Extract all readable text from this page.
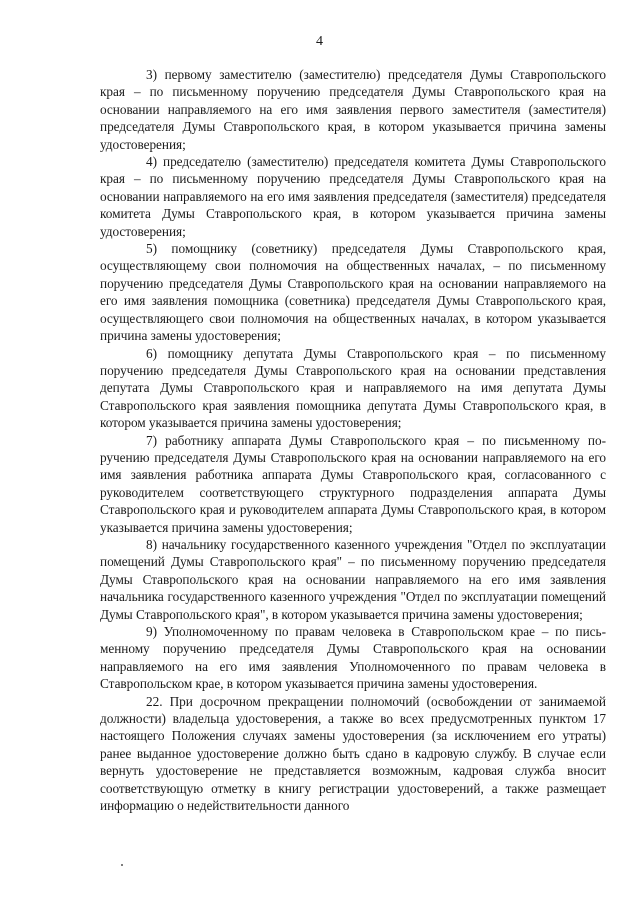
4

3) первому заместителю (заместителю) председателя Думы Ставропольского края – по письменному поручению председателя Думы Ставропольского края на основании направляемого на его имя заявления первого заместителя (заместителя) председателя Думы Ставропольского края, в котором указывается причина замены удостоверения;

4) председателю (заместителю) председателя комитета Думы Ставропольского края – по письменному поручению председателя Думы Ставропольского края на основании направляемого на его имя заявления председателя (заместителя) председателя комитета Думы Ставропольского края, в котором указывается причина замены удостоверения;

5) помощнику (советнику) председателя Думы Ставропольского края, осуществляющему свои полномочия на общественных началах, – по письменному поручению председателя Думы Ставропольского края на основании направляемого на его имя заявления помощника (советника) председателя Думы Ставропольского края, осуществляющего свои полномочия на общественных началах, в котором указывается причина замены удостоверения;

6) помощнику депутата Думы Ставропольского края – по письменному поручению председателя Думы Ставропольского края на основании представления депутата Думы Ставропольского края и направляемого на имя депутата Думы Ставропольского края заявления помощника депутата Думы Ставропольского края, в котором указывается причина замены удостоверения;

7) работнику аппарата Думы Ставропольского края – по письменному поручению председателя Думы Ставропольского края на основании направляемого на его имя заявления работника аппарата Думы Ставропольского края, согласованного с руководителем соответствующего структурного подразделения аппарата Думы Ставропольского края и руководителем аппарата Думы Ставропольского края, в котором указывается причина замены удостоверения;

8) начальнику государственного казенного учреждения "Отдел по эксплуатации помещений Думы Ставропольского края" – по письменному поручению председателя Думы Ставропольского края на основании направляемого на его имя заявления начальника государственного казенного учреждения "Отдел по эксплуатации помещений Думы Ставропольского края", в котором указывается причина замены удостоверения;

9) Уполномоченному по правам человека в Ставропольском крае – по письменному поручению председателя Думы Ставропольского края на основании направляемого на его имя заявления Уполномоченного по правам человека в Ставропольском крае, в котором указывается причина замены удостоверения.

22. При досрочном прекращении полномочий (освобождении от занимаемой должности) владельца удостоверения, а также во всех предусмотренных пунктом 17 настоящего Положения случаях замены удостоверения (за исключением его утраты) ранее выданное удостоверение должно быть сдано в кадровую службу. В случае если вернуть удостоверение не представляется возможным, кадровая служба вносит соответствующую отметку в книгу регистрации удостоверений, а также размещает информацию о недействительности данного
